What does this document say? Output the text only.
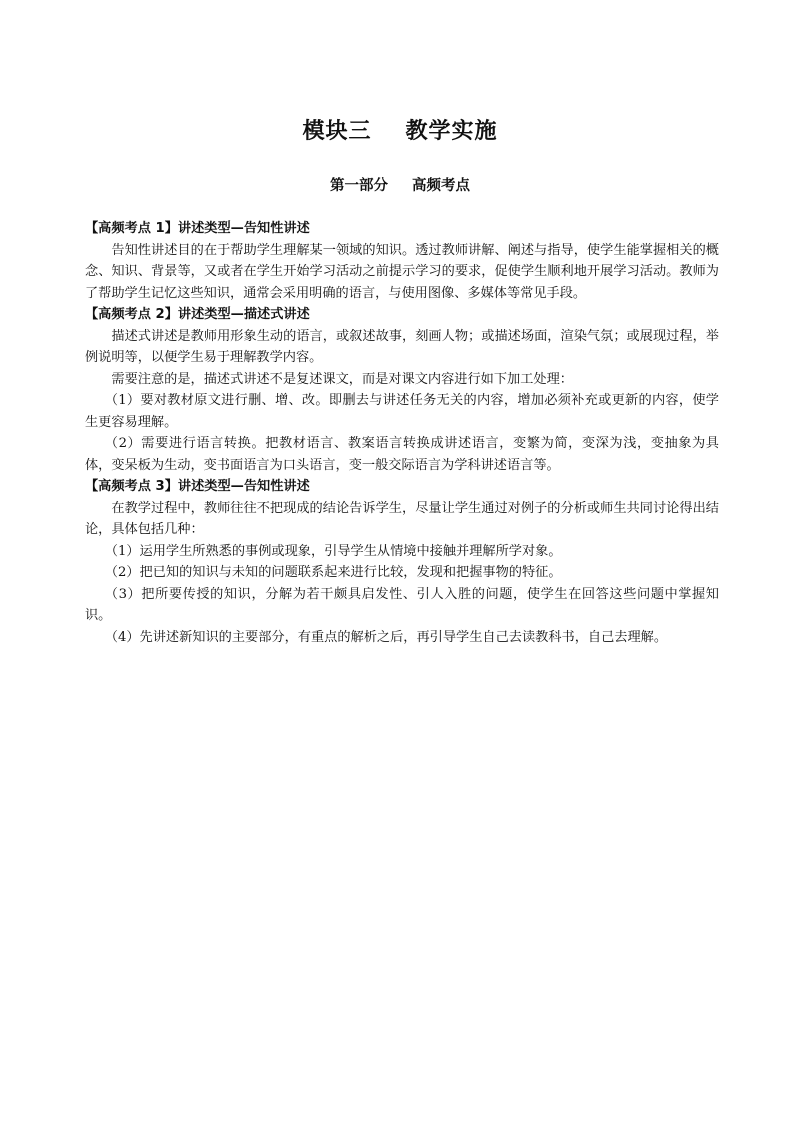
模块三 教学实施
第一部分 高频考点

【高频考点 1】讲述类型—告知性讲述

告知性讲述目的在于帮助学生理解某一领域的知识。透过教师讲解、阐述与指导，使学生能掌握相关的概念、知识、背景等，又或者在学生开始学习活动之前提示学习的要求，促使学生顺利地开展学习活动。教师为了帮助学生记忆这些知识，通常会采用明确的语言，与使用图像、多媒体等常见手段。

【高频考点 2】讲述类型—描述式讲述

描述式讲述是教师用形象生动的语言，或叙述故事，刻画人物；或描述场面，渲染气氛；或展现过程，举例说明等，以便学生易于理解教学内容。

需要注意的是，描述式讲述不是复述课文，而是对课文内容进行如下加工处理：

（1）要对教材原文进行删、增、改。即删去与讲述任务无关的内容，增加必须补充或更新的内容，使学生更容易理解。

（2）需要进行语言转换。把教材语言、教案语言转换成讲述语言，变繁为简，变深为浅，变抽象为具体，变呆板为生动，变书面语言为口头语言，变一般交际语言为学科讲述语言等。

【高频考点 3】讲述类型—告知性讲述

在教学过程中，教师往往不把现成的结论告诉学生，尽量让学生通过对例子的分析或师生共同讨论得出结论，具体包括几种：

（1）运用学生所熟悉的事例或现象，引导学生从情境中接触并理解所学对象。

（2）把已知的知识与未知的问题联系起来进行比较，发现和把握事物的特征。

（3）把所要传授的知识，分解为若干颇具启发性、引人入胜的问题，使学生在回答这些问题中掌握知识。

（4）先讲述新知识的主要部分，有重点的解析之后，再引导学生自己去读教科书，自己去理解。
